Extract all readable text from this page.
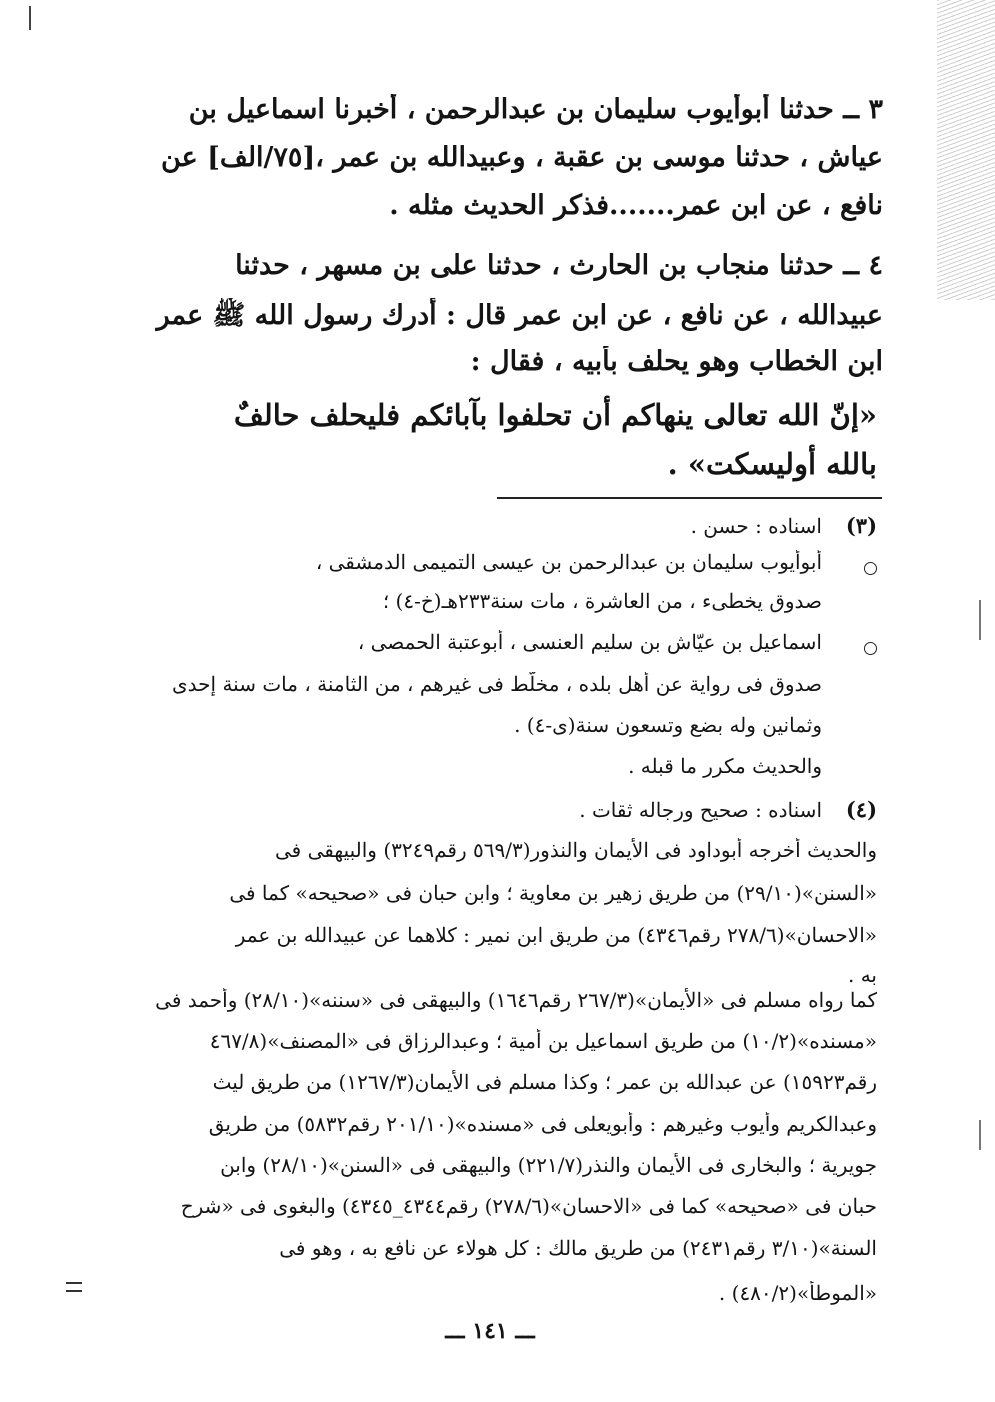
٣ ــ حدثنا أبوأيوب سليمان بن عبدالرحمن ، أخبرنا اسماعيل بن
عياش ، حدثنا موسى بن عقبة ، وعبيدالله بن عمر ،[٧٥/الف] عن
نافع ، عن ابن عمر.......فذكر الحديث مثله .
٤ ــ حدثنا منجاب بن الحارث ، حدثنا على بن مسهر ، حدثنا
عبيدالله ، عن نافع ، عن ابن عمر قال : أدرك رسول الله ﷺ عمر
ابن الخطاب وهو يحلف بأبيه ، فقال :
«إنّ الله تعالى ينهاكم أن تحلفوا بآبائكم فليحلف حالفٌ
بالله أوليسكت» .
(٣)
اسناده : حسن .
أبوأيوب سليمان بن عبدالرحمن بن عيسى التميمى الدمشقى ،
صدوق يخطىء ، من العاشرة ، مات سنة٢٣٣هـ(خ-٤) ؛
اسماعيل بن عيّاش بن سليم العنسى ، أبوعتبة الحمصى ،
صدوق فى رواية عن أهل بلده ، مخلّط فى غيرهم ، من الثامنة ، مات سنة إحدى
وثمانين وله بضع وتسعون سنة(ى-٤) .
والحديث مكرر ما قبله .
(٤)
اسناده : صحيح ورجاله ثقات .
والحديث أخرجه أبوداود فى الأيمان والنذور(٥٦٩/٣ رقم٣٢٤٩) والبيهقى فى
«السنن»(٢٩/١٠) من طريق زهير بن معاوية ؛ وابن حبان فى «صحيحه» كما فى
«الاحسان»(٢٧٨/٦ رقم٤٣٤٦) من طريق ابن نمير : كلاهما عن عبيدالله بن عمر
به .
كما رواه مسلم فى «الأيمان»(٢٦٧/٣ رقم١٦٤٦) والبيهقى فى «سننه»(٢٨/١٠) وأحمد فى
«مسنده»(١٠/٢) من طريق اسماعيل بن أمية ؛ وعبدالرزاق فى «المصنف»(٤٦٧/٨
رقم١٥٩٢٣) عن عبدالله بن عمر ؛ وكذا مسلم فى الأيمان(١٢٦٧/٣) من طريق ليث
وعبدالكريم وأيوب وغيرهم : وأبويعلى فى «مسنده»(٢٠١/١٠ رقم٥٨٣٢) من طريق
جويرية ؛ والبخارى فى الأيمان والنذر(٢٢١/٧) والبيهقى فى «السنن»(٢٨/١٠) وابن
حبان فى «صحيحه» كما فى «الاحسان»(٢٧٨/٦) رقم٤٣٤٤_٤٣٤٥) والبغوى فى «شرح
السنة»(٣/١٠ رقم٢٤٣١) من طريق مالك : كل هولاء عن نافع به ، وهو فى
«الموطأ»(٤٨٠/٢) .
ـــ ١٤١ ـــ
